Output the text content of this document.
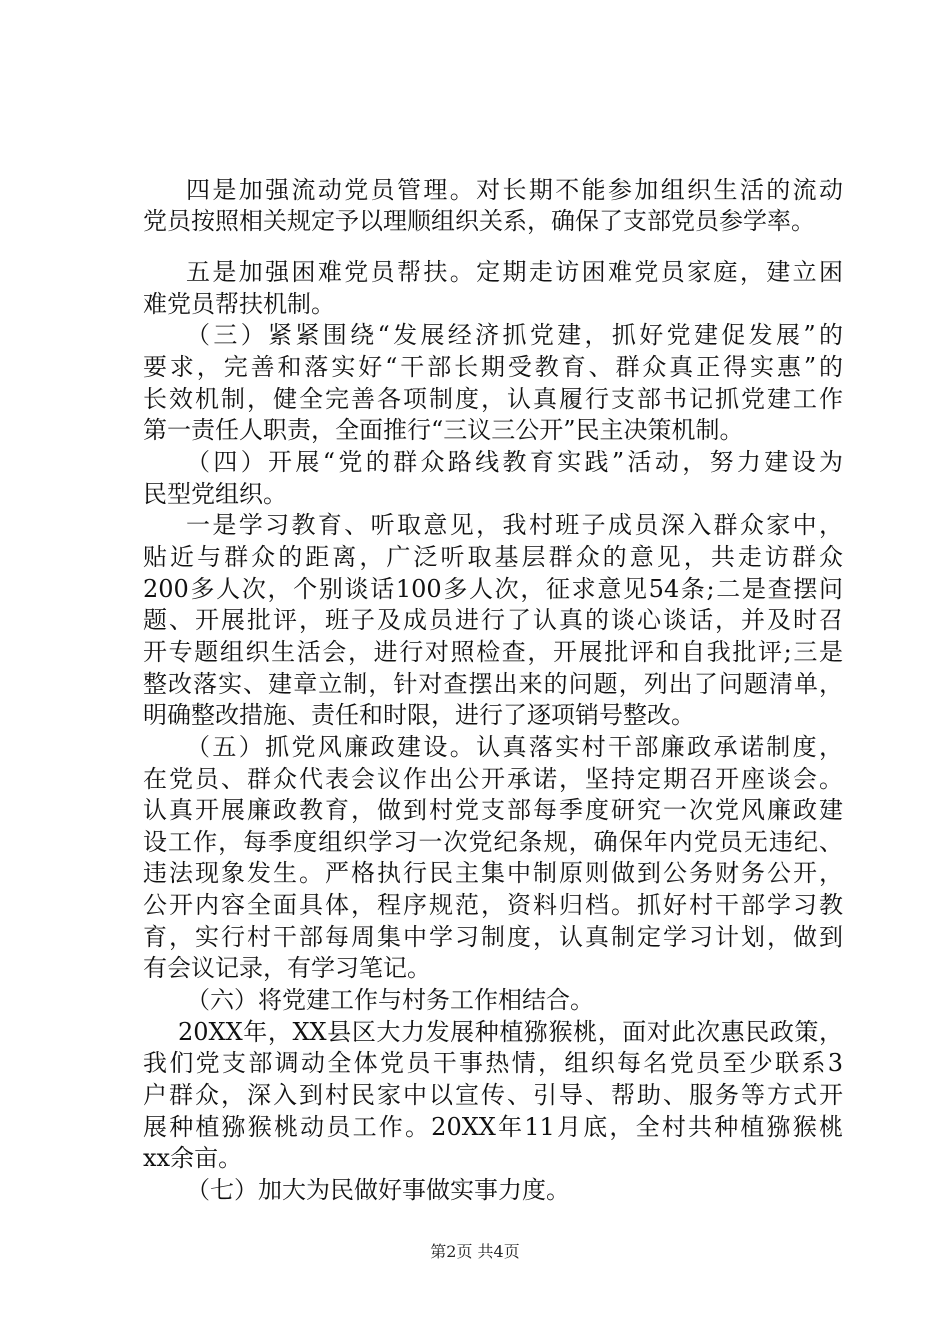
四是加强流动党员管理。对长期不能参加组织生活的流动
党员按照相关规定予以理顺组织关系，确保了支部党员参学率。
五是加强困难党员帮扶。定期走访困难党员家庭，建立困
难党员帮扶机制。
（三）紧紧围绕“发展经济抓党建，抓好党建促发展”的
要求，完善和落实好“干部长期受教育、群众真正得实惠”的
长效机制，健全完善各项制度，认真履行支部书记抓党建工作
第一责任人职责，全面推行“三议三公开”民主决策机制。
（四）开展“党的群众路线教育实践”活动，努力建设为
民型党组织。
一是学习教育、听取意见，我村班子成员深入群众家中，
贴近与群众的距离，广泛听取基层群众的意见，共走访群众
200多人次，个别谈话100多人次，征求意见54条;二是查摆问
题、开展批评，班子及成员进行了认真的谈心谈话，并及时召
开专题组织生活会，进行对照检查，开展批评和自我批评;三是
整改落实、建章立制，针对查摆出来的问题，列出了问题清单，
明确整改措施、责任和时限，进行了逐项销号整改。
（五）抓党风廉政建设。认真落实村干部廉政承诺制度，
在党员、群众代表会议作出公开承诺，坚持定期召开座谈会。
认真开展廉政教育，做到村党支部每季度研究一次党风廉政建
设工作，每季度组织学习一次党纪条规，确保年内党员无违纪、
违法现象发生。严格执行民主集中制原则做到公务财务公开，
公开内容全面具体，程序规范，资料归档。抓好村干部学习教
育，实行村干部每周集中学习制度，认真制定学习计划，做到
有会议记录，有学习笔记。
（六）将党建工作与村务工作相结合。
20XX年，XX县区大力发展种植猕猴桃，面对此次惠民政策，
我们党支部调动全体党员干事热情，组织每名党员至少联系3
户群众，深入到村民家中以宣传、引导、帮助、服务等方式开
展种植猕猴桃动员工作。20XX年11月底，全村共种植猕猴桃
xx余亩。
（七）加大为民做好事做实事力度。
第2页 共4页
